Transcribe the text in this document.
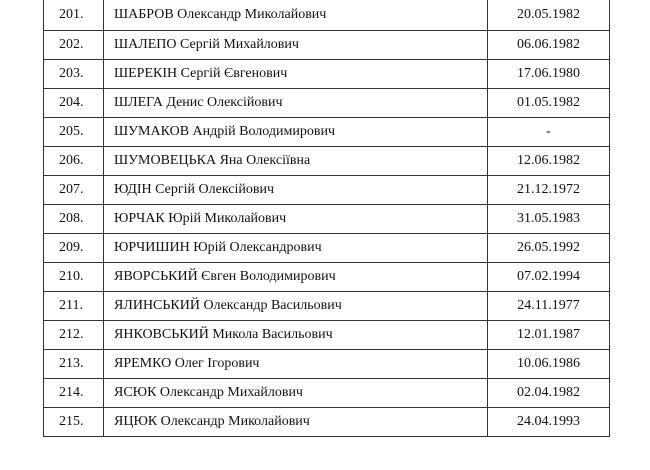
201.	ШАБРОВ Олександр Миколайович	20.05.1982
202.	ШАЛЕПО Сергій Михайлович	06.06.1982
203.	ШЕРЕКІН Сергій Євгенович	17.06.1980
204.	ШЛЕГА Денис Олексійович	01.05.1982
205.	ШУМАКОВ Андрій Володимирович	-
206.	ШУМОВЕЦЬКА Яна Олексіївна	12.06.1982
207.	ЮДІН Сергій Олексійович	21.12.1972
208.	ЮРЧАК Юрій Миколайович	31.05.1983
209.	ЮРЧИШИН Юрій Олександрович	26.05.1992
210.	ЯВОРСЬКИЙ Євген Володимирович	07.02.1994
211.	ЯЛИНСЬКИЙ Олександр Васильович	24.11.1977
212.	ЯНКОВСЬКИЙ Микола Васильович	12.01.1987
213.	ЯРЕМКО Олег Ігорович	10.06.1986
214.	ЯСЮК Олександр Михайлович	02.04.1982
215.	ЯЦЮК Олександр Миколайович	24.04.1993
